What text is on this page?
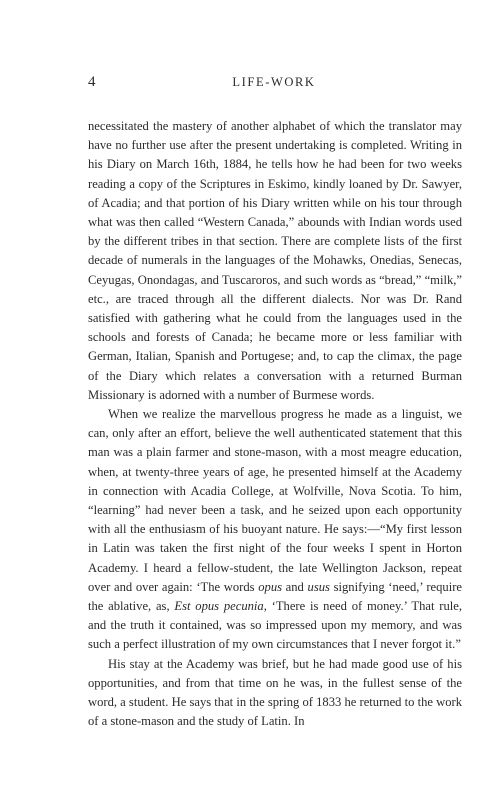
4	LIFE-WORK

necessitated the mastery of another alphabet of which the translator may have no further use after the present undertaking is completed. Writing in his Diary on March 16th, 1884, he tells how he had been for two weeks reading a copy of the Scriptures in Eskimo, kindly loaned by Dr. Sawyer, of Acadia; and that portion of his Diary written while on his tour through what was then called “Western Canada,” abounds with Indian words used by the different tribes in that section. There are complete lists of the first decade of numerals in the languages of the Mohawks, Onedias, Senecas, Ceyugas, Onondagas, and Tuscaroros, and such words as “bread,” “milk,” etc., are traced through all the different dialects. Nor was Dr. Rand satisfied with gathering what he could from the languages used in the schools and forests of Canada; he became more or less familiar with German, Italian, Spanish and Portugese; and, to cap the climax, the page of the Diary which relates a conversation with a returned Burman Missionary is adorned with a number of Burmese words.

When we realize the marvellous progress he made as a linguist, we can, only after an effort, believe the well authenticated statement that this man was a plain farmer and stone-mason, with a most meagre education, when, at twenty-three years of age, he presented himself at the Academy in connection with Acadia College, at Wolfville, Nova Scotia. To him, “learning” had never been a task, and he seized upon each opportunity with all the enthusiasm of his buoyant nature. He says:—“My first lesson in Latin was taken the first night of the four weeks I spent in Horton Academy. I heard a fellow-student, the late Wellington Jackson, repeat over and over again: ‘The words opus and usus signifying ‘need,’ require the ablative, as, Est opus pecunia, ‘There is need of money.’ That rule, and the truth it contained, was so impressed upon my memory, and was such a perfect illustration of my own circumstances that I never forgot it.”

His stay at the Academy was brief, but he had made good use of his opportunities, and from that time on he was, in the fullest sense of the word, a student. He says that in the spring of 1833 he returned to the work of a stone-mason and the study of Latin. In
